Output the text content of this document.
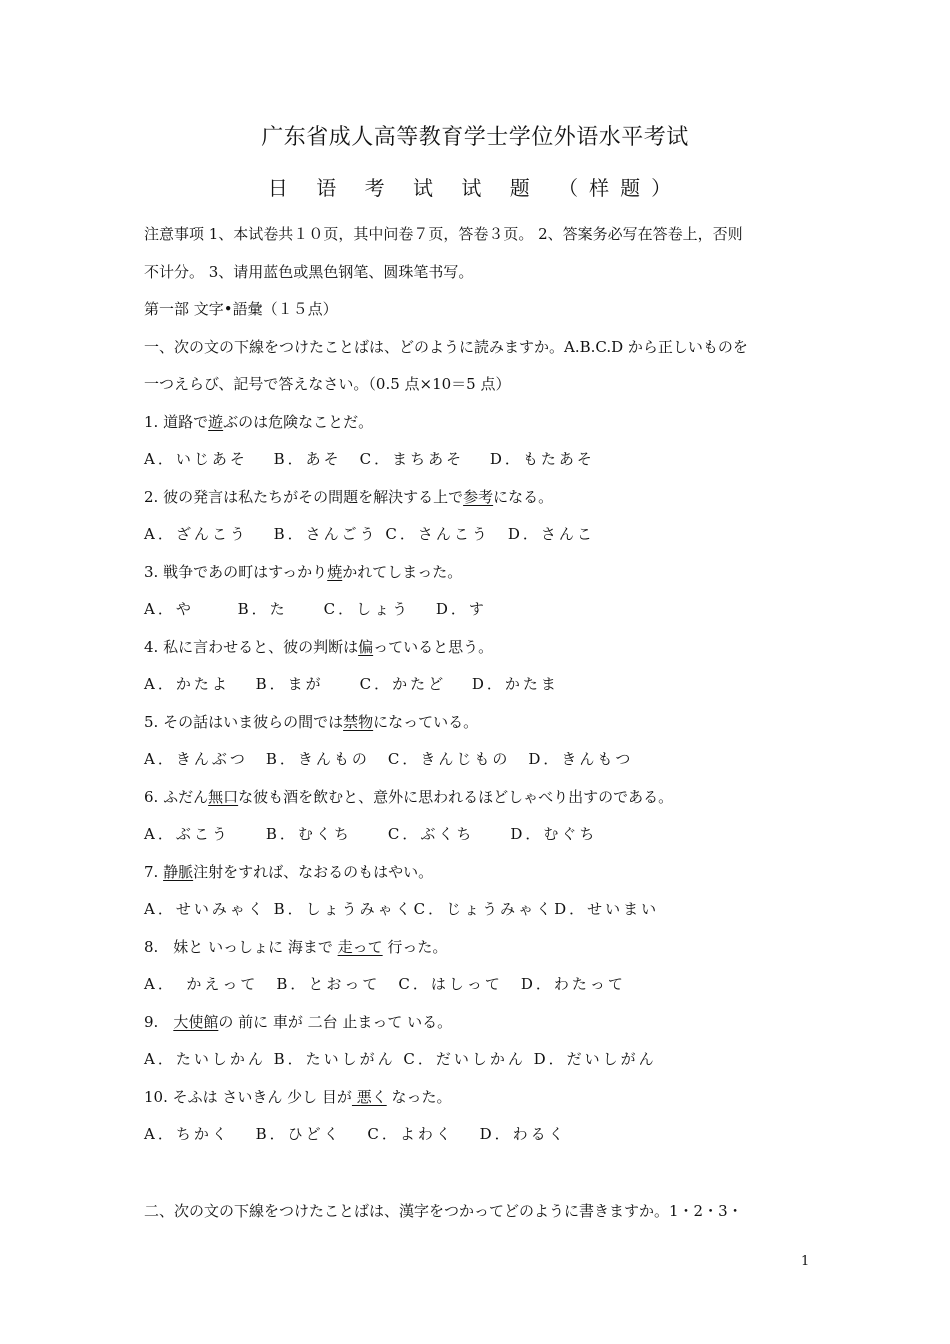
广东省成人高等教育学士学位外语水平考试
日 语 考 试 试 题 （样题）
注意事项 1、本试卷共１０页，其中问卷７页，答卷３页。 2、答案务必写在答卷上，否则
不计分。 3、请用蓝色或黑色钢笔、圆珠笔书写。
第一部 文字•語彙（１５点）
一、次の文の下線をつけたことばは、どのように読みますか。A.B.C.D から正しいものを
一つえらび、記号で答えなさい。（0.5 点×10＝5 点）
1. 道路で遊ぶのは危険なことだ。
A．いじあそ　 B．あそ　C．まちあそ　 D．もたあそ
2. 彼の発言は私たちがその問題を解決する上で参考になる。
A．ざんこう　 B．さんごう C．さんこう　D．さんこ
3. 戦争であの町はすっかり焼かれてしまった。
A．や　　 B．た　　C．しょう　 D．す
4. 私に言わせると、彼の判断は偏っていると思う。
A．かたよ　 B．まが　　C．かたど　 D．かたま
5. その話はいま彼らの間では禁物になっている。
A．きんぶつ　B．きんもの　C．きんじもの　D．きんもつ
6. ふだん無口な彼も酒を飲むと、意外に思われるほどしゃべり出すのである。
A．ぶこう　　B．むくち　　C．ぶくち　　D．むぐち
7. 静脈注射をすれば、なおるのもはやい。
A．せいみゃく B．しょうみゃくC．じょうみゃくD．せいまい
8.　妹と いっしょに 海まで 走って 行った。
A．　かえって　B．とおって　C．はしって　D．わたって
9.　大使館の 前に 車が 二台 止まって いる。
A．たいしかん B．たいしがん C．だいしかん D．だいしがん
10. そふは さいきん 少し 目が 悪く なった。
A．ちかく　 B．ひどく　 C．よわく　 D．わるく
二、次の文の下線をつけたことばは、漢字をつかってどのように書きますか。1・2・3・
1
